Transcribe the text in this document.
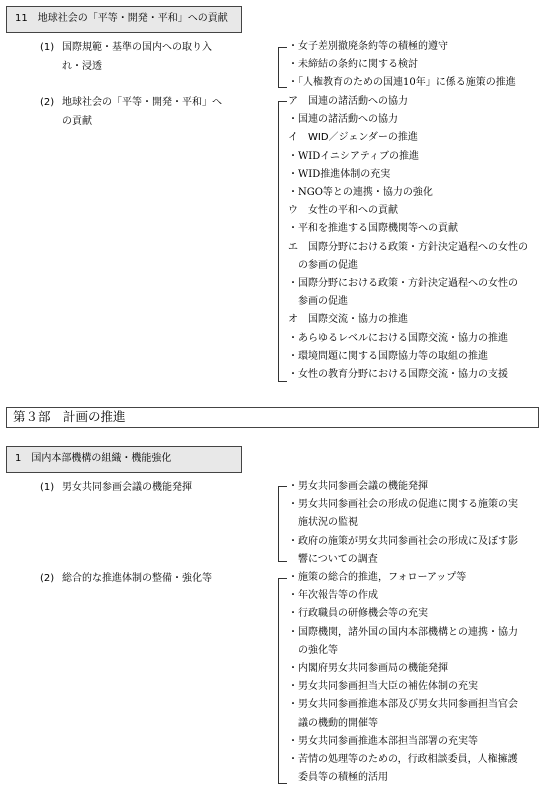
11　地球社会の「平等・開発・平和」への貢献
(1) 国際規範・基準の国内への取り入
れ・浸透
・女子差別撤廃条約等の積極的遵守
・未締結の条約に関する検討
・「人権教育のための国連10年」に係る施策の推進
(2) 地球社会の「平等・開発・平和」へ
の貢献
ア　国連の諸活動への協力
・国連の諸活動への協力
イ　WID／ジェンダーの推進
・WIDイニシアティブの推進
・WID推進体制の充実
・NGO等との連携・協力の強化
ウ　女性の平和への貢献
・平和を推進する国際機関等への貢献
エ　国際分野における政策・方針決定過程への女性の
　の参画の促進
・国際分野における政策・方針決定過程への女性の
　参画の促進
オ　国際交流・協力の推進
・あらゆるレベルにおける国際交流・協力の推進
・環境問題に関する国際協力等の取組の推進
・女性の教育分野における国際交流・協力の支援
第３部　計画の推進
1　国内本部機構の組織・機能強化
(1) 男女共同参画会議の機能発揮	・男女共同参画会議の機能発揮
・男女共同参画社会の形成の促進に関する施策の実
　施状況の監視
・政府の施策が男女共同参画社会の形成に及ぼす影
　響についての調査
(2) 総合的な推進体制の整備・強化等	・施策の総合的推進，フォローアップ等
・年次報告等の作成
・行政職員の研修機会等の充実
・国際機関，諸外国の国内本部機構との連携・協力
　の強化等
・内閣府男女共同参画局の機能発揮
・男女共同参画担当大臣の補佐体制の充実
・男女共同参画推進本部及び男女共同参画担当官会
　議の機動的開催等
・男女共同参画推進本部担当部署の充実等
・苦情の処理等のための，行政相談委員，人権擁護
　委員等の積極的活用
